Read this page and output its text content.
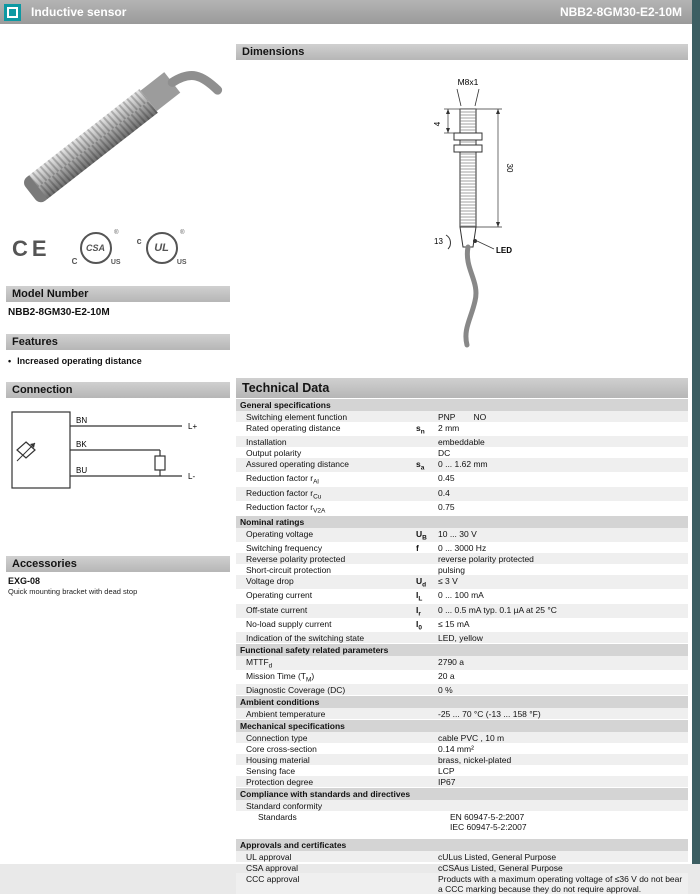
Inductive sensor	NBB2-8GM30-E2-10M
CE	CSA
®
C	US
c
UL
®
US
Model Number
NBB2-8GM30-E2-10M
Features
• Increased operating distance
Connection
BN
BK
BU
L+
L-
Accessories
EXG-08
Quick mounting bracket with dead stop
Dimensions
M8x1
4
30
13
LED
Technical Data
General specifications
Switching element function	PNP NO
Rated operating distance	$s_n$	2 mm
Installation	embeddable
Output polarity	DC
Assured operating distance	$s_a$	0 ... 1.62 mm
Reduction factor $r_{Al}$	0.45
Reduction factor $r_{Cu}$	0.4
Reduction factor $r_{V2A}$	0.75
Nominal ratings
Operating voltage	$U_B$	10 ... 30 V
Switching frequency	f	0 ... 3000 Hz
Reverse polarity protected	reverse polarity protected
Short-circuit protection	pulsing
Voltage drop	$U_d$	≤ 3 V
Operating current	$I_L$	0 ... 100 mA
Off-state current	$I_r$	0 ... 0.5 mA typ. 0.1 µA at 25 °C
No-load supply current	$I_0$	≤ 15 mA
Indication of the switching state	LED, yellow
Functional safety related parameters
$MTTF_d$	2790 a
Mission Time $(T_M)$	20 a
Diagnostic Coverage (DC)	0 %
Ambient conditions
Ambient temperature	-25 ... 70 °C (-13 ... 158 °F)
Mechanical specifications
Connection type	cable PVC , 10 m
Core cross-section	0.14 mm²
Housing material	brass, nickel-plated
Sensing face	LCP
Protection degree	IP67
Compliance with standards and directives
Standard conformity
Standards	EN 60947-5-2:2007
IEC 60947-5-2:2007
Approvals and certificates
UL approval	cULus Listed, General Purpose
CSA approval	cCSAus Listed, General Purpose
CCC approval	Products with a maximum operating voltage of ≤36 V do not bear a CCC marking because they do not require approval.
